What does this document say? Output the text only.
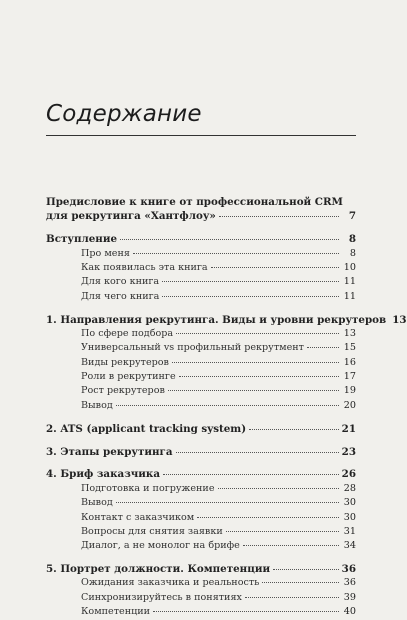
Содержание
Предисловие к книге от профессиональной CRM
для рекрутинга «Хантфлоу»	7
Вступление	8
Про меня	8
Как появилась эта книга	10
Для кого книга	11
Для чего книга	11
1. Направления рекрутинга. Виды и уровни рекрутеров 13
По сфере подбора	13
Универсальный vs профильный рекрутмент	15
Виды рекрутеров	16
Роли в рекрутинге	17
Рост рекрутеров	19
Вывод	20
2. ATS (applicant tracking system)	21
3. Этапы рекрутинга	23
4. Бриф заказчика	26
Подготовка и погружение	28
Вывод	30
Контакт с заказчиком	30
Вопросы для снятия заявки	31
Диалог, а не монолог на брифе	34
5. Портрет должности. Компетенции	36
Ожидания заказчика и реальность	36
Синхронизируйтесь в понятиях	39
Компетенции	40
